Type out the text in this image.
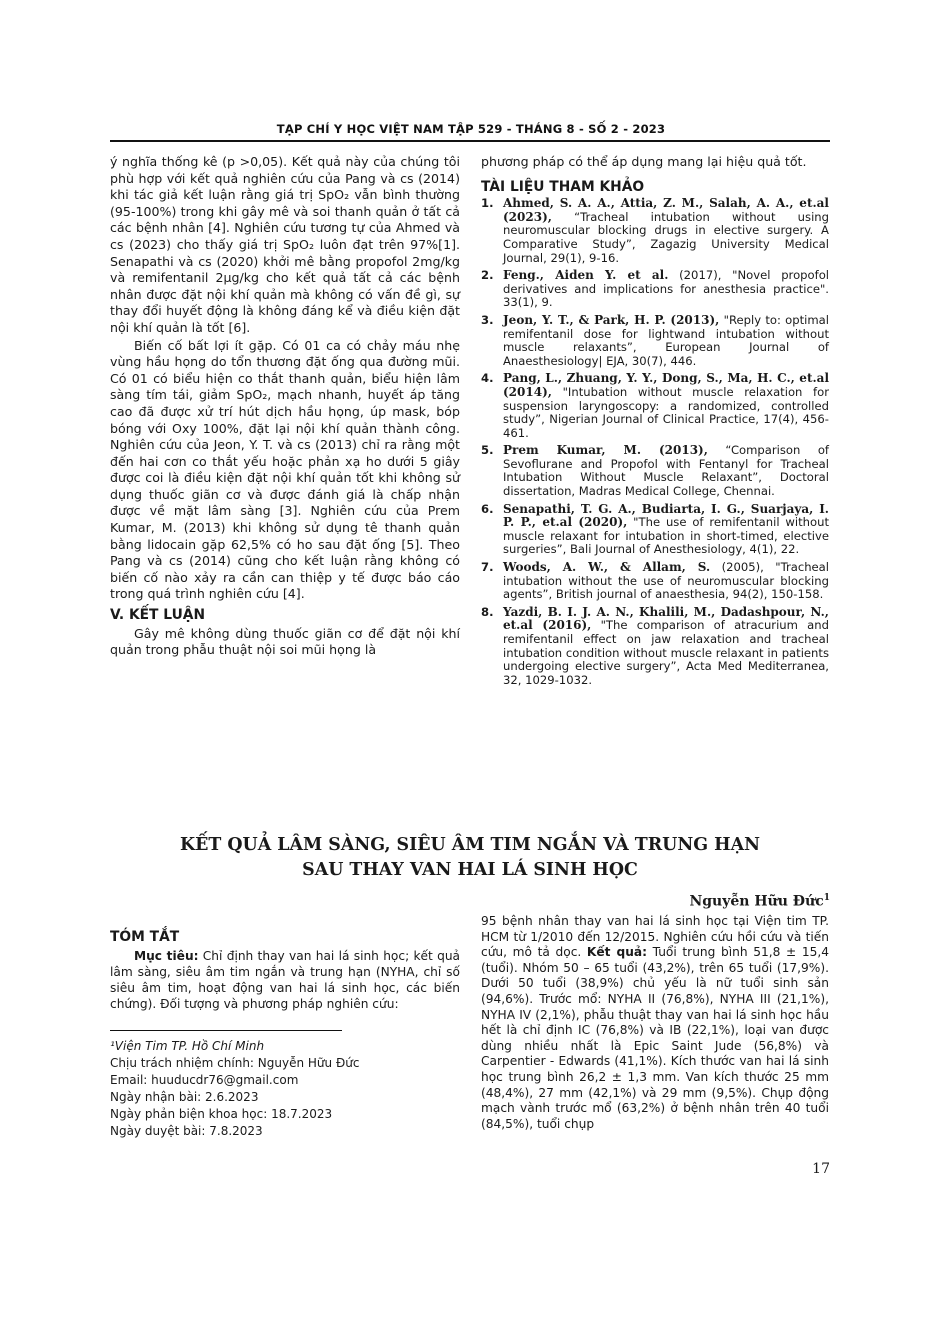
TẠP CHÍ Y HỌC VIỆT NAM TẬP 529 - THÁNG 8 - SỐ 2 - 2023

ý nghĩa thống kê (p >0,05). Kết quả này của chúng tôi phù hợp với kết quả nghiên cứu của Pang và cs (2014) khi tác giả kết luận rằng giá trị SpO₂ vẫn bình thường (95-100%) trong khi gây mê và soi thanh quản ở tất cả các bệnh nhân [4]. Nghiên cứu tương tự của Ahmed và cs (2023) cho thấy giá trị SpO₂ luôn đạt trên 97%[1]. Senapathi và cs (2020) khởi mê bằng propofol 2mg/kg và remifentanil 2μg/kg cho kết quả tất cả các bệnh nhân được đặt nội khí quản mà không có vấn đề gì, sự thay đổi huyết động là không đáng kể và điều kiện đặt nội khí quản là tốt [6].

Biến cố bất lợi ít gặp. Có 01 ca có chảy máu nhẹ vùng hầu họng do tổn thương đặt ống qua đường mũi. Có 01 có biểu hiện co thắt thanh quản, biểu hiện lâm sàng tím tái, giảm SpO₂, mạch nhanh, huyết áp tăng cao đã được xử trí hút dịch hầu họng, úp mask, bóp bóng với Oxy 100%, đặt lại nội khí quản thành công. Nghiên cứu của Jeon, Y. T. và cs (2013) chỉ ra rằng một đến hai cơn co thắt yếu hoặc phản xạ ho dưới 5 giây được coi là điều kiện đặt nội khí quản tốt khi không sử dụng thuốc giãn cơ và được đánh giá là chấp nhận được về mặt lâm sàng [3]. Nghiên cứu của Prem Kumar, M. (2013) khi không sử dụng tê thanh quản bằng lidocain gặp 62,5% có ho sau đặt ống [5]. Theo Pang và cs (2014) cũng cho kết luận rằng không có biến cố nào xảy ra cần can thiệp y tế được báo cáo trong quá trình nghiên cứu [4].

V. KẾT LUẬN

Gây mê không dùng thuốc giãn cơ để đặt nội khí quản trong phẫu thuật nội soi mũi họng là

phương pháp có thể áp dụng mang lại hiệu quả tốt.

TÀI LIỆU THAM KHẢO
1. Ahmed, S. A. A., Attia, Z. M., Salah, A. A., et.al (2023), “Tracheal intubation without using neuromuscular blocking drugs in elective surgery. A Comparative Study”, Zagazig University Medical Journal, 29(1), 9-16.
2. Feng., Aiden Y. et al. (2017), "Novel propofol derivatives and implications for anesthesia practice". 33(1), 9.
3. Jeon, Y. T., & Park, H. P. (2013), "Reply to: optimal remifentanil dose for lightwand intubation without muscle relaxants”, European Journal of Anaesthesiology| EJA, 30(7), 446.
4. Pang, L., Zhuang, Y. Y., Dong, S., Ma, H. C., et.al (2014), "Intubation without muscle relaxation for suspension laryngoscopy: a randomized, controlled study”, Nigerian Journal of Clinical Practice, 17(4), 456-461.
5. Prem Kumar, M. (2013), “Comparison of Sevoflurane and Propofol with Fentanyl for Tracheal Intubation Without Muscle Relaxant”, Doctoral dissertation, Madras Medical College, Chennai.
6. Senapathi, T. G. A., Budiarta, I. G., Suarjaya, I. P. P., et.al (2020), "The use of remifentanil without muscle relaxant for intubation in short-timed, elective surgeries”, Bali Journal of Anesthesiology, 4(1), 22.
7. Woods, A. W., & Allam, S. (2005), "Tracheal intubation without the use of neuromuscular blocking agents”, British journal of anaesthesia, 94(2), 150-158.
8. Yazdi, B. I. J. A. N., Khalili, M., Dadashpour, N., et.al (2016), "The comparison of atracurium and remifentanil effect on jaw relaxation and tracheal intubation condition without muscle relaxant in patients undergoing elective surgery”, Acta Med Mediterranea, 32, 1029-1032.
KẾT QUẢ LÂM SÀNG, SIÊU ÂM TIM NGẮN VÀ TRUNG HẠN
SAU THAY VAN HAI LÁ SINH HỌC
Nguyễn Hữu Đức$^1$
TÓM TẮT

Mục tiêu: Chỉ định thay van hai lá sinh học; kết quả lâm sàng, siêu âm tim ngắn và trung hạn (NYHA, chỉ số siêu âm tim, hoạt động van hai lá sinh học, các biến chứng). Đối tượng và phương pháp nghiên cứu:

¹Viện Tim TP. Hồ Chí Minh
Chịu trách nhiệm chính: Nguyễn Hữu Đức
Email: huuducdr76@gmail.com
Ngày nhận bài: 2.6.2023
Ngày phản biện khoa học: 18.7.2023
Ngày duyệt bài: 7.8.2023

95 bệnh nhân thay van hai lá sinh học tại Viện tim TP. HCM từ 1/2010 đến 12/2015. Nghiên cứu hồi cứu và tiến cứu, mô tả dọc. Kết quả: Tuổi trung bình 51,8 ± 15,4 (tuổi). Nhóm 50 – 65 tuổi (43,2%), trên 65 tuổi (17,9%). Dưới 50 tuổi (38,9%) chủ yếu là nữ tuổi sinh sản (94,6%). Trước mổ: NYHA II (76,8%), NYHA III (21,1%), NYHA IV (2,1%), phẫu thuật thay van hai lá sinh học hầu hết là chỉ định IC (76,8%) và IB (22,1%), loại van được dùng nhiều nhất là Epic Saint Jude (56,8%) và Carpentier - Edwards (41,1%). Kích thước van hai lá sinh học trung bình 26,2 ± 1,3 mm. Van kích thước 25 mm (48,4%), 27 mm (42,1%) và 29 mm (9,5%). Chụp động mạch vành trước mổ (63,2%) ở bệnh nhân trên 40 tuổi (84,5%), tuổi chụp

17
